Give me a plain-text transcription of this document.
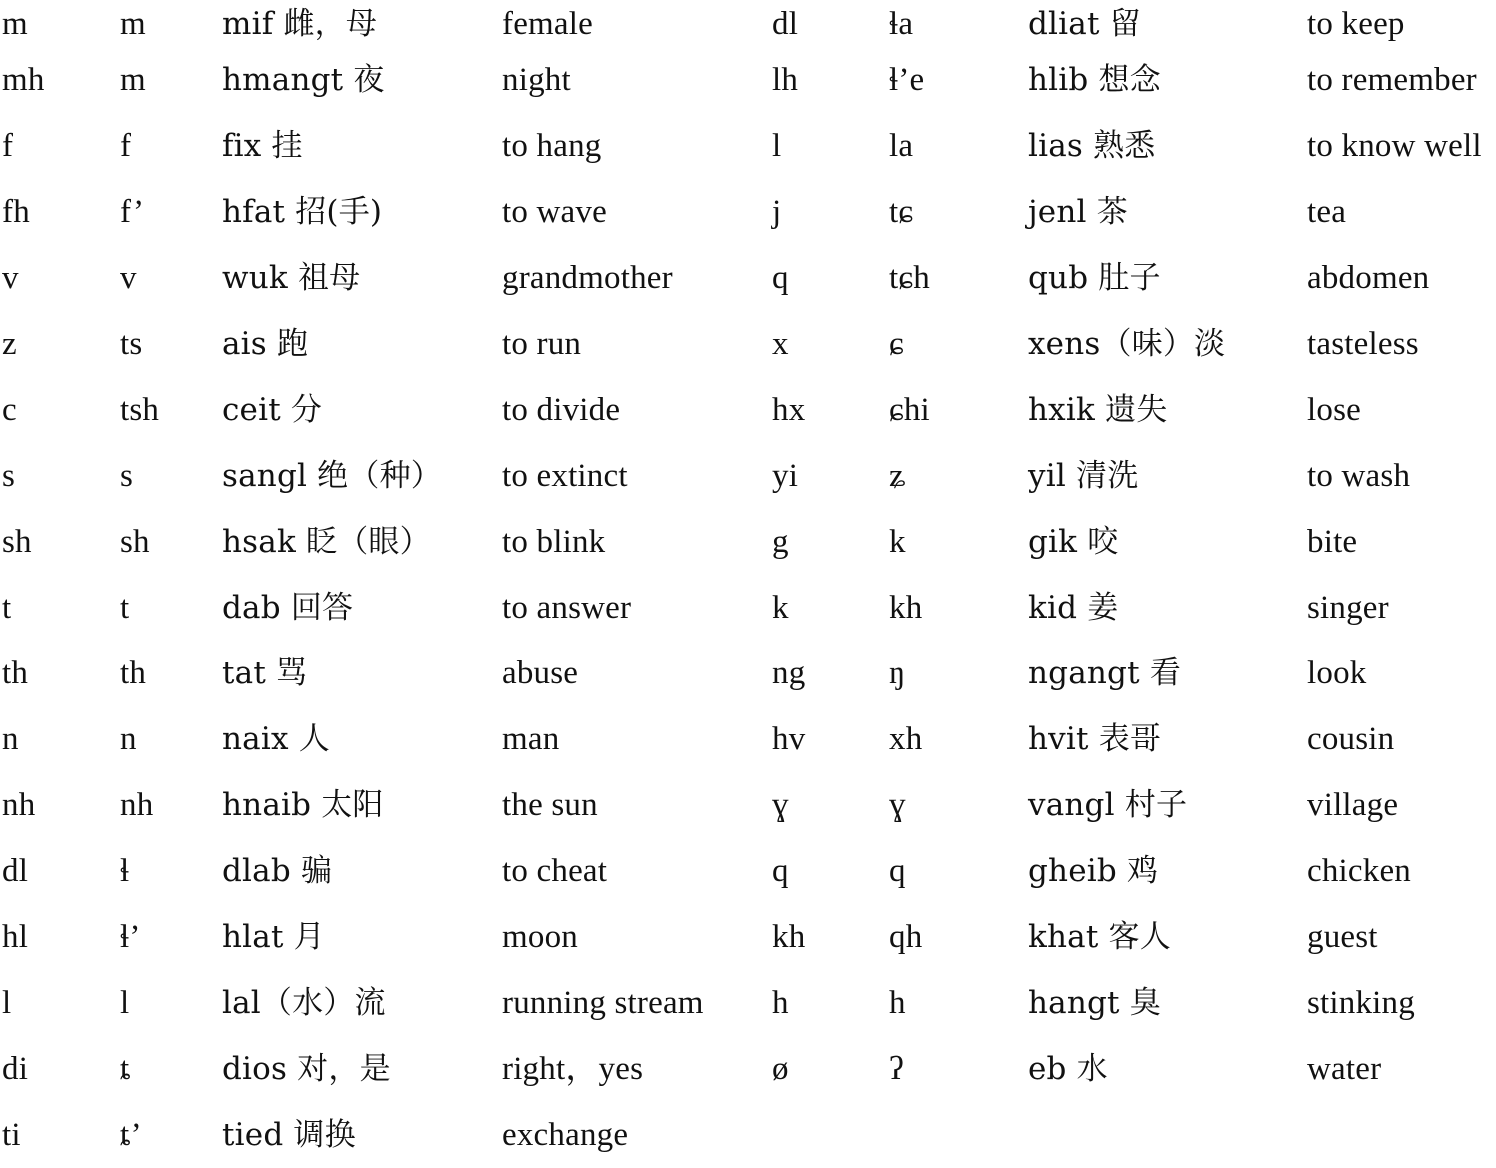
m	m	mif 雌，母	female	dl	ɬa	dliat 留	to keep
mh	m	hmangt 夜	night	lh	ɬ’e	hlib 想念	to remember
f	f	fix 挂	to hang	l	la	lias 熟悉	to know well
fh	f’	hfat 招(手)	to wave	j	tɕ	jenl 茶	tea
v	v	wuk 祖母	grandmother	q	tɕh	qub 肚子	abdomen
z	ts	ais 跑	to run	x	ɕ	xens（味）淡	tasteless
c	tsh	ceit 分	to divide	hx	ɕhi	hxik 遗失	lose
s	s	sangl 绝（种）	to extinct	yi	ʑ	yil 清洗	to wash
sh	sh	hsak 眨（眼）	to blink	g	k	gik 咬	bite
t	t	dab 回答	to answer	k	kh	kid 姜	singer
th	th	tat 骂	abuse	ng	ŋ	ngangt 看	look
n	n	naix 人	man	hv	xh	hvit 表哥	cousin
nh	nh	hnaib 太阳	the sun	ɣ	ɣ	vangl 村子	village
dl	ɬ	dlab 骗	to cheat	q	q	gheib 鸡	chicken
hl	ɬ’	hlat 月	moon	kh	qh	khat 客人	guest
l	l	lal（水）流	running stream	h	h	hangt 臭	stinking
di	ȶ	dios 对，是	right，yes	ø	ʔ	eb 水	water
ti	ȶ’	tied 调换	exchange				
